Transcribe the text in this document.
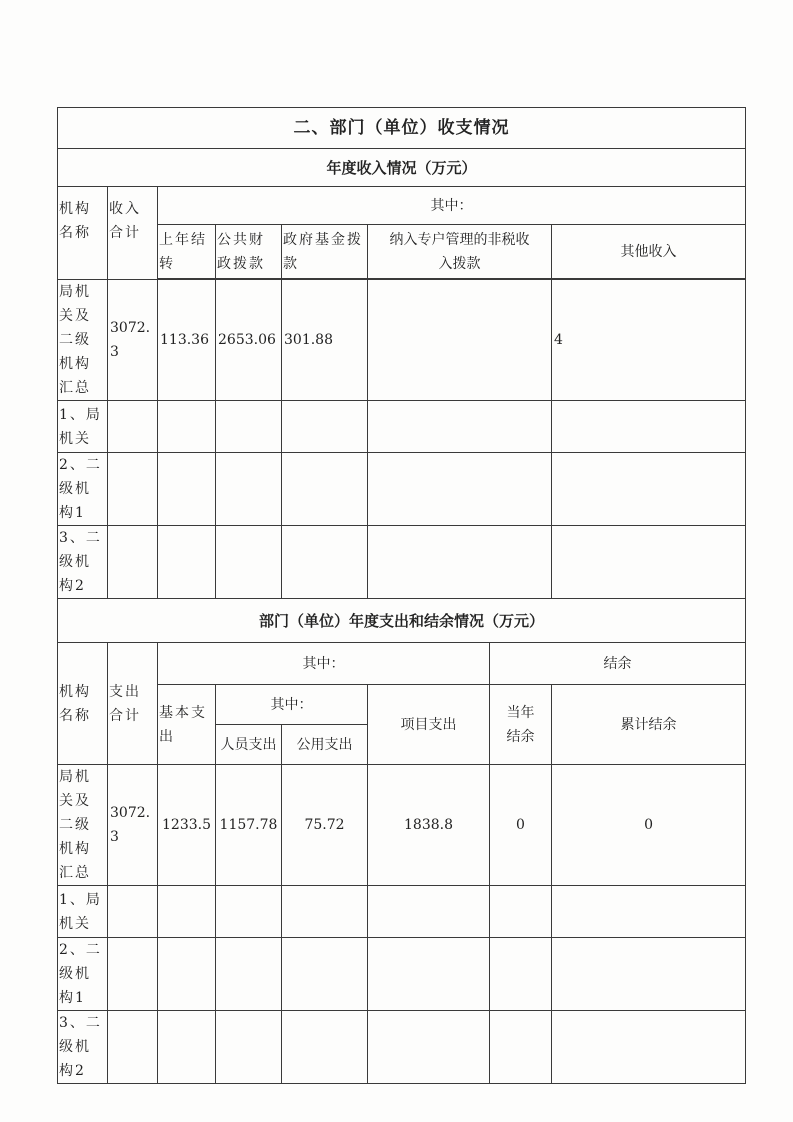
二、部门（单位）收支情况							
年度收入情况（万元）							
机构名称	收入合计	其中：					
		上年结转	公共财政拨款	政府基金拨款	纳入专户管理的非税收入拨款		其他收入

局机关及二级机构汇总	3072.3	113.36	2653.06	301.88			4
1、局机关							
2、二级机构1							
3、二级机构2							
部门（单位）年度支出和结余情况（万元）							
机构名称	支出合计	其中：				结余	
		基本支出	其中：		项目支出	当年结余	累计结余
			人员支出	公用支出			
局机关及二级机构汇总	3072.3	1233.5	1157.78	75.72	1838.8	0	0
1、局机关							
2、二级机构1							
3、二级机构2							
